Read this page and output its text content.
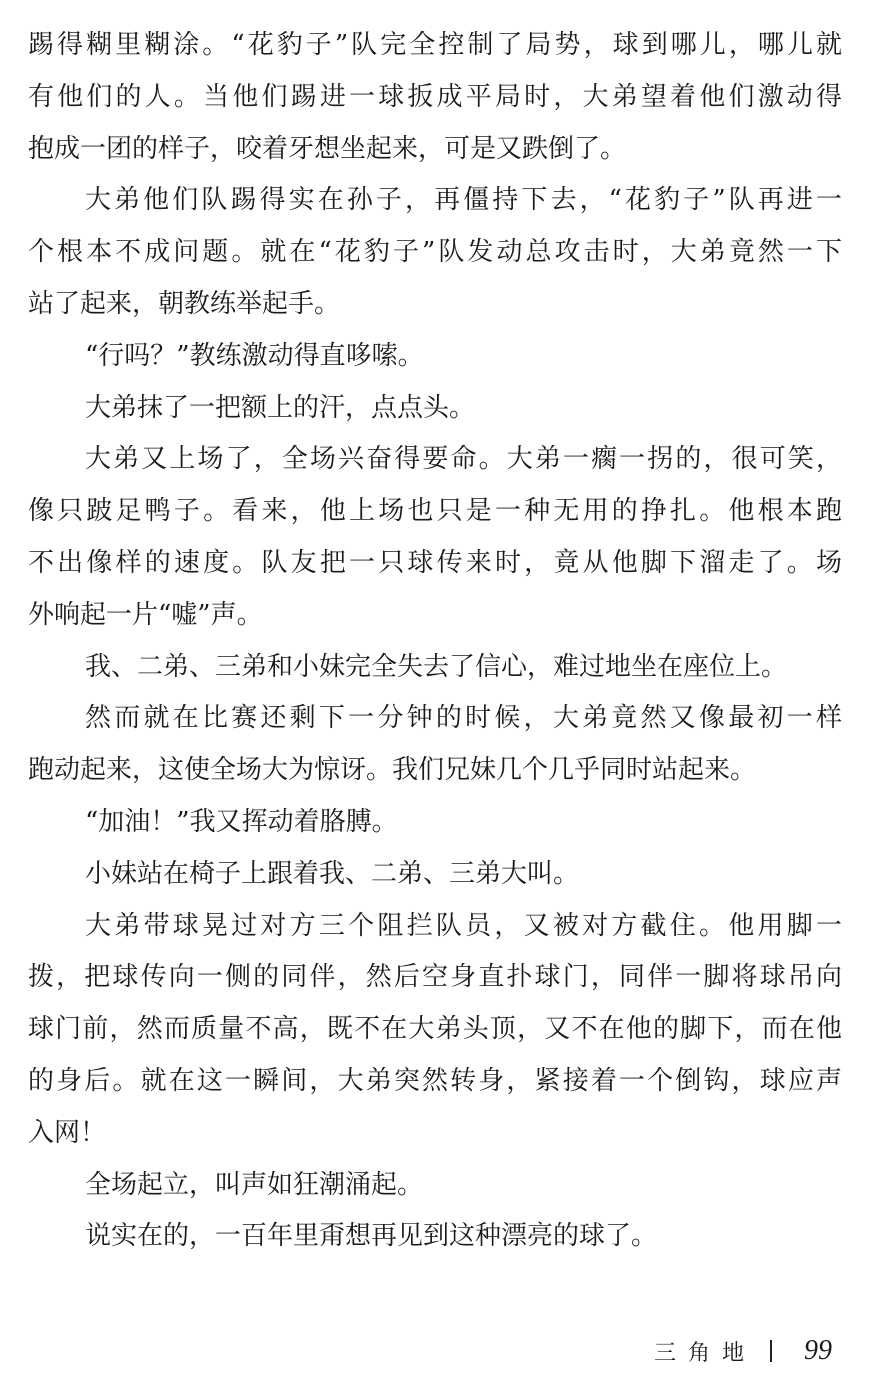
踢得糊里糊涂。“花豹子”队完全控制了局势，球到哪儿，哪儿就
有他们的人。当他们踢进一球扳成平局时，大弟望着他们激动得
抱成一团的样子，咬着牙想坐起来，可是又跌倒了。
大弟他们队踢得实在孙子，再僵持下去，“花豹子”队再进一
个根本不成问题。就在“花豹子”队发动总攻击时，大弟竟然一下
站了起来，朝教练举起手。
“行吗？”教练激动得直哆嗦。
大弟抹了一把额上的汗，点点头。
大弟又上场了，全场兴奋得要命。大弟一瘸一拐的，很可笑，
像只跛足鸭子。看来，他上场也只是一种无用的挣扎。他根本跑
不出像样的速度。队友把一只球传来时，竟从他脚下溜走了。场
外响起一片“嘘”声。
我、二弟、三弟和小妹完全失去了信心，难过地坐在座位上。
然而就在比赛还剩下一分钟的时候，大弟竟然又像最初一样
跑动起来，这使全场大为惊讶。我们兄妹几个几乎同时站起来。
“加油！”我又挥动着胳膊。
小妹站在椅子上跟着我、二弟、三弟大叫。
大弟带球晃过对方三个阻拦队员，又被对方截住。他用脚一
拨，把球传向一侧的同伴，然后空身直扑球门，同伴一脚将球吊向
球门前，然而质量不高，既不在大弟头顶，又不在他的脚下，而在他
的身后。就在这一瞬间，大弟突然转身，紧接着一个倒钩，球应声
入网！
全场起立，叫声如狂潮涌起。
说实在的，一百年里甭想再见到这种漂亮的球了。
三角地 99
